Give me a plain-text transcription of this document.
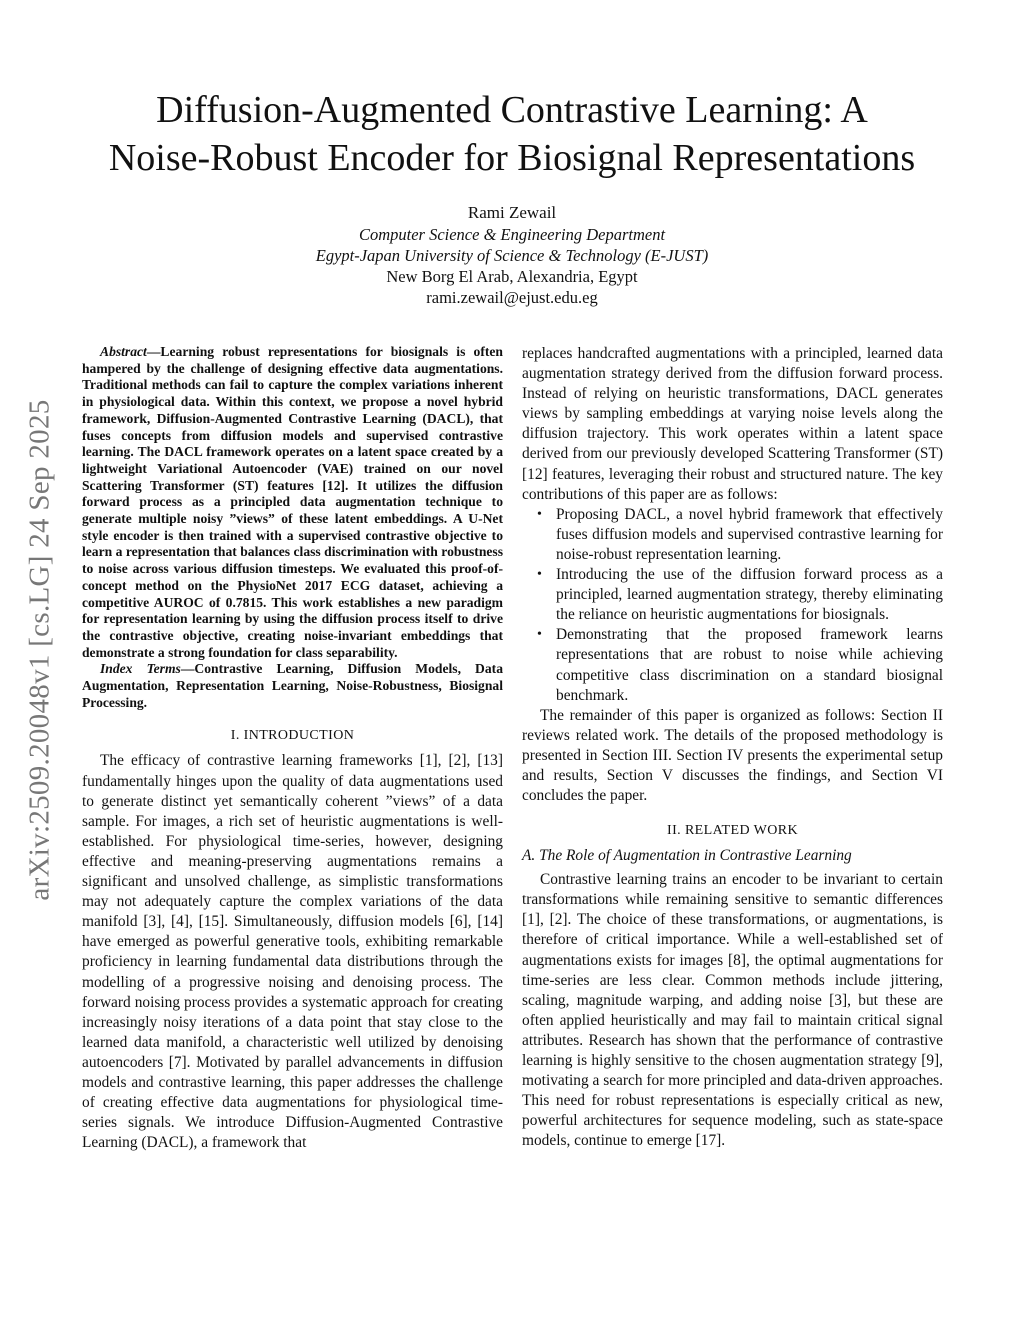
arXiv:2509.20048v1 [cs.LG] 24 Sep 2025
Diffusion-Augmented Contrastive Learning: A
Noise-Robust Encoder for Biosignal Representations
Rami Zewail
Computer Science & Engineering Department
Egypt-Japan University of Science & Technology (E-JUST)
New Borg El Arab, Alexandria, Egypt
rami.zewail@ejust.edu.eg

Abstract—Learning robust representations for biosignals is often hampered by the challenge of designing effective data augmentations. Traditional methods can fail to capture the complex variations inherent in physiological data. Within this context, we propose a novel hybrid framework, Diffusion-Augmented Contrastive Learning (DACL), that fuses concepts from diffusion models and supervised contrastive learning. The DACL framework operates on a latent space created by a lightweight Variational Autoencoder (VAE) trained on our novel Scattering Transformer (ST) features [12]. It utilizes the diffusion forward process as a principled data augmentation technique to generate multiple noisy ”views” of these latent embeddings. A U-Net style encoder is then trained with a supervised contrastive objective to learn a representation that balances class discrimination with robustness to noise across various diffusion timesteps. We evaluated this proof-of-concept method on the PhysioNet 2017 ECG dataset, achieving a competitive AUROC of 0.7815. This work establishes a new paradigm for representation learning by using the diffusion process itself to drive the contrastive objective, creating noise-invariant embeddings that demonstrate a strong foundation for class separability.

Index Terms—Contrastive Learning, Diffusion Models, Data Augmentation, Representation Learning, Noise-Robustness, Biosignal Processing.

I. INTRODUCTION

The efficacy of contrastive learning frameworks [1], [2], [13] fundamentally hinges upon the quality of data augmentations used to generate distinct yet semantically coherent ”views” of a data sample. For images, a rich set of heuristic augmentations is well-established. For physiological time-series, however, designing effective and meaning-preserving augmentations remains a significant and unsolved challenge, as simplistic transformations may not adequately capture the complex variations of the data manifold [3], [4], [15]. Simultaneously, diffusion models [6], [14] have emerged as powerful generative tools, exhibiting remarkable proficiency in learning fundamental data distributions through the modelling of a progressive noising and denoising process. The forward noising process provides a systematic approach for creating increasingly noisy iterations of a data point that stay close to the learned data manifold, a characteristic well utilized by denoising autoencoders [7]. Motivated by parallel advancements in diffusion models and contrastive learning, this paper addresses the challenge of creating effective data augmentations for physiological time-series signals. We introduce Diffusion-Augmented Contrastive Learning (DACL), a framework that

replaces handcrafted augmentations with a principled, learned data augmentation strategy derived from the diffusion forward process. Instead of relying on heuristic transformations, DACL generates views by sampling embeddings at varying noise levels along the diffusion trajectory. This work operates within a latent space derived from our previously developed Scattering Transformer (ST) [12] features, leveraging their robust and structured nature. The key contributions of this paper are as follows:

• Proposing DACL, a novel hybrid framework that effectively fuses diffusion models and supervised contrastive learning for noise-robust representation learning.
• Introducing the use of the diffusion forward process as a principled, learned augmentation strategy, thereby eliminating the reliance on heuristic augmentations for biosignals.
• Demonstrating that the proposed framework learns representations that are robust to noise while achieving competitive class discrimination on a standard biosignal benchmark.

The remainder of this paper is organized as follows: Section II reviews related work. The details of the proposed methodology is presented in Section III. Section IV presents the experimental setup and results, Section V discusses the findings, and Section VI concludes the paper.

II. RELATED WORK
A. The Role of Augmentation in Contrastive Learning

Contrastive learning trains an encoder to be invariant to certain transformations while remaining sensitive to semantic differences [1], [2]. The choice of these transformations, or augmentations, is therefore of critical importance. While a well-established set of augmentations exists for images [8], the optimal augmentations for time-series are less clear. Common methods include jittering, scaling, magnitude warping, and adding noise [3], but these are often applied heuristically and may fail to maintain critical signal attributes. Research has shown that the performance of contrastive learning is highly sensitive to the chosen augmentation strategy [9], motivating a search for more principled and data-driven approaches. This need for robust representations is especially critical as new, powerful architectures for sequence modeling, such as state-space models, continue to emerge [17].
